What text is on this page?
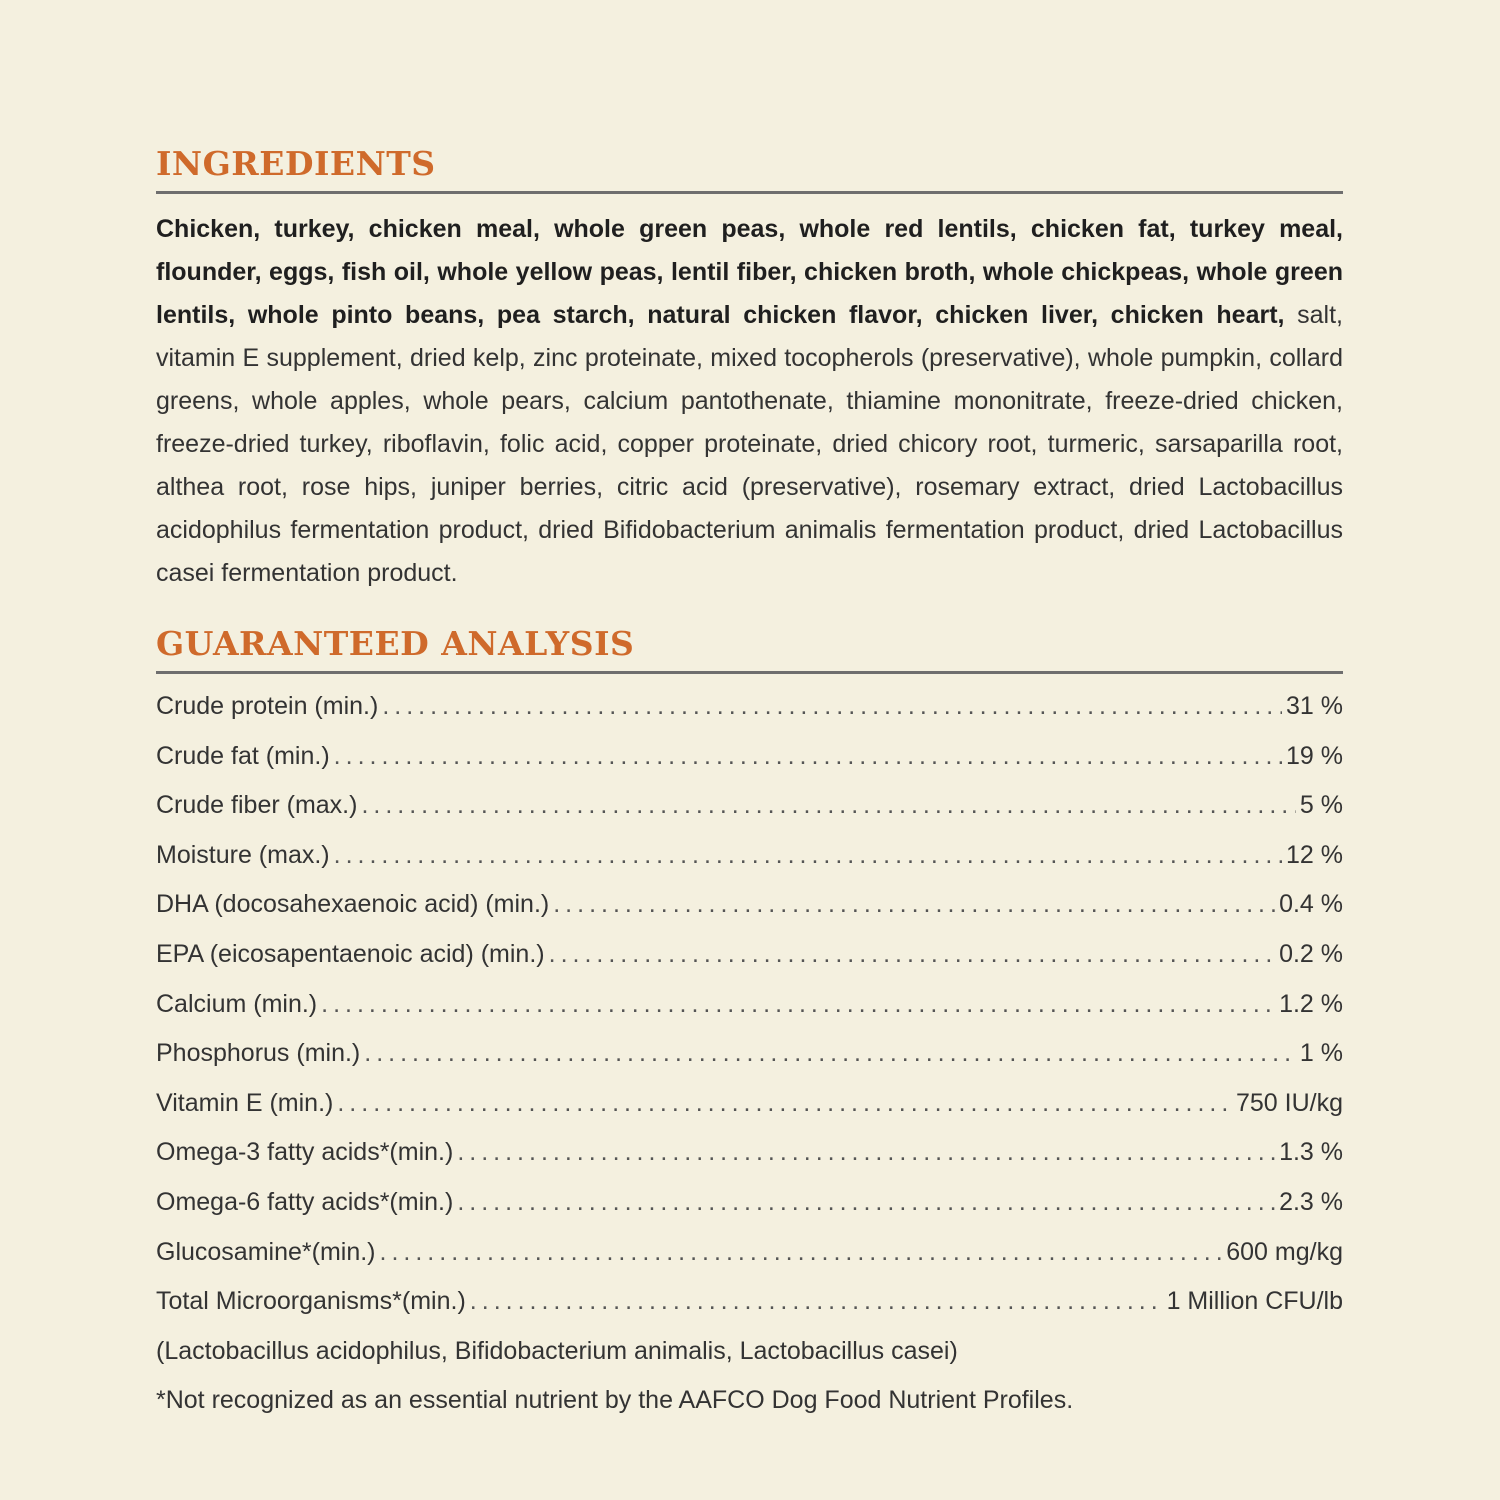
INGREDIENTS

Chicken, turkey, chicken meal, whole green peas, whole red lentils, chicken fat, turkey meal, flounder, eggs, fish oil, whole yellow peas, lentil fiber, chicken broth, whole chickpeas, whole green lentils, whole pinto beans, pea starch, natural chicken flavor, chicken liver, chicken heart, salt, vitamin E supplement, dried kelp, zinc proteinate, mixed tocopherols (preservative), whole pumpkin, collard greens, whole apples, whole pears, calcium pantothenate, thiamine mononitrate, freeze-dried chicken, freeze-dried turkey, riboflavin, folic acid, copper proteinate, dried chicory root, turmeric, sarsaparilla root, althea root, rose hips, juniper berries, citric acid (preservative), rosemary extract, dried Lactobacillus acidophilus fermentation product, dried Bifidobacterium animalis fermentation product, dried Lactobacillus casei fermentation product.

GUARANTEED ANALYSIS
Crude protein (min.) .....	31 %
Crude fat (min.) .....	19 %
Crude fiber (max.) .....	5 %
Moisture (max.) .....	12 %
DHA (docosahexaenoic acid) (min.) .....	0.4 %
EPA (eicosapentaenoic acid) (min.) .....	0.2 %
Calcium (min.) .....	1.2 %
Phosphorus (min.) .....	1 %
Vitamin E (min.) .....	750 IU/kg
Omega-3 fatty acids*(min.) .....	1.3 %
Omega-6 fatty acids*(min.) .....	2.3 %
Glucosamine*(min.) .....	600 mg/kg
Total Microorganisms*(min.) .....	1 Million CFU/lb
(Lactobacillus acidophilus, Bifidobacterium animalis, Lactobacillus casei)
*Not recognized as an essential nutrient by the AAFCO Dog Food Nutrient Profiles.
